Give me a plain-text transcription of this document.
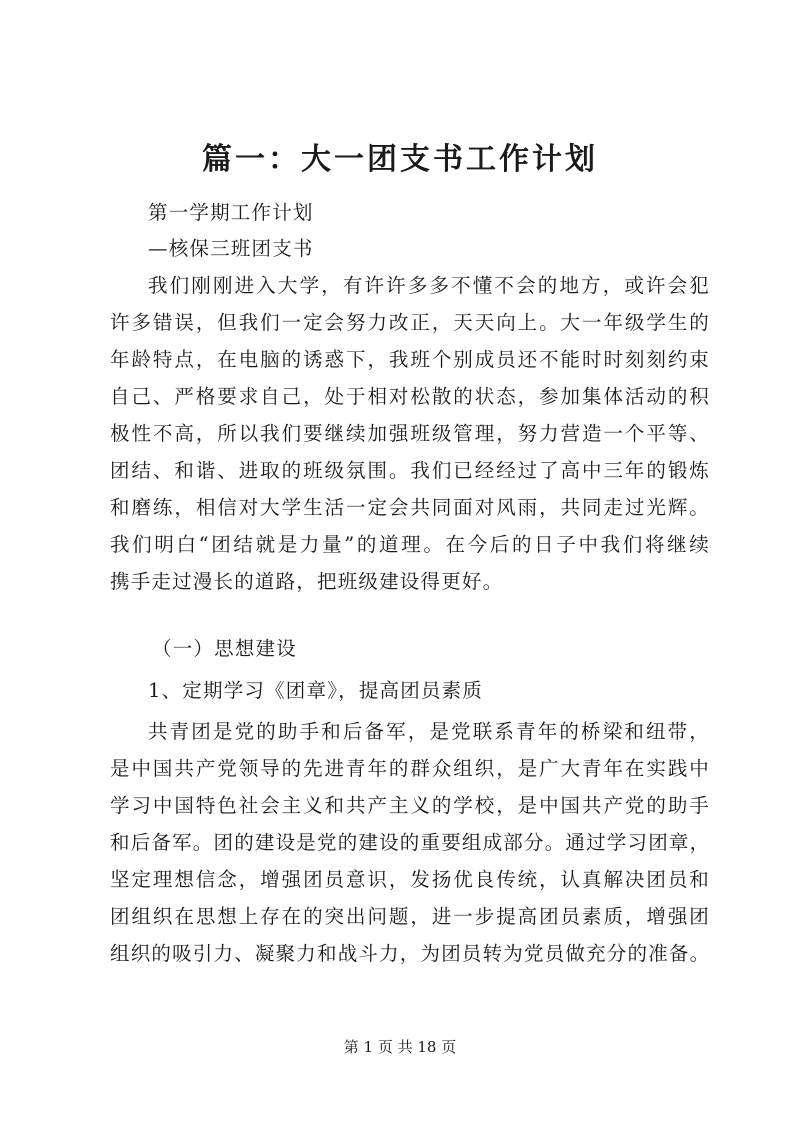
篇一：大一团支书工作计划
第一学期工作计划
—核保三班团支书
我们刚刚进入大学，有许许多多不懂不会的地方，或许会犯
许多错误，但我们一定会努力改正，天天向上。大一年级学生的
年龄特点，在电脑的诱惑下，我班个别成员还不能时时刻刻约束
自己、严格要求自己，处于相对松散的状态，参加集体活动的积
极性不高，所以我们要继续加强班级管理，努力营造一个平等、
团结、和谐、进取的班级氛围。我们已经经过了高中三年的锻炼
和磨练，相信对大学生活一定会共同面对风雨，共同走过光辉。
我们明白“团结就是力量”的道理。在今后的日子中我们将继续
携手走过漫长的道路，把班级建设得更好。
（一）思想建设
1、定期学习《团章》，提高团员素质
共青团是党的助手和后备军，是党联系青年的桥梁和纽带，
是中国共产党领导的先进青年的群众组织，是广大青年在实践中
学习中国特色社会主义和共产主义的学校，是中国共产党的助手
和后备军。团的建设是党的建设的重要组成部分。通过学习团章，
坚定理想信念，增强团员意识，发扬优良传统，认真解决团员和
团组织在思想上存在的突出问题，进一步提高团员素质，增强团
组织的吸引力、凝聚力和战斗力，为团员转为党员做充分的准备。
第 1 页 共 18 页
